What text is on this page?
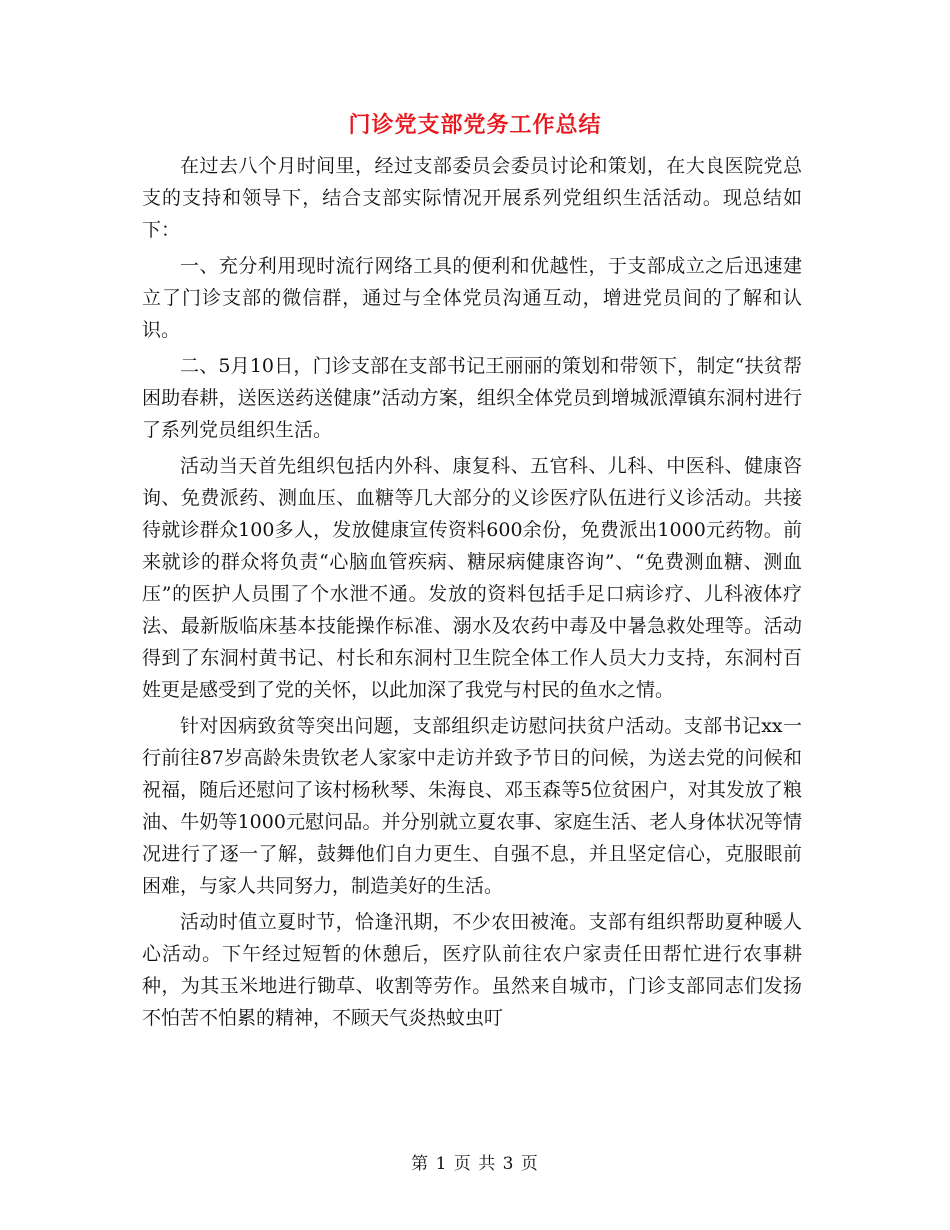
门诊党支部党务工作总结

在过去八个月时间里，经过支部委员会委员讨论和策划，在大良医院党总支的支持和领导下，结合支部实际情况开展系列党组织生活活动。现总结如下：

一、充分利用现时流行网络工具的便利和优越性，于支部成立之后迅速建立了门诊支部的微信群，通过与全体党员沟通互动，增进党员间的了解和认识。

二、5月10日，门诊支部在支部书记王丽丽的策划和带领下，制定“扶贫帮困助春耕，送医送药送健康”活动方案，组织全体党员到增城派潭镇东洞村进行了系列党员组织生活。

活动当天首先组织包括内外科、康复科、五官科、儿科、中医科、健康咨询、免费派药、测血压、血糖等几大部分的义诊医疗队伍进行义诊活动。共接待就诊群众100多人，发放健康宣传资料600余份，免费派出1000元药物。前来就诊的群众将负责“心脑血管疾病、糖尿病健康咨询”、“免费测血糖、测血压”的医护人员围了个水泄不通。发放的资料包括手足口病诊疗、儿科液体疗法、最新版临床基本技能操作标准、溺水及农药中毒及中暑急救处理等。活动得到了东洞村黄书记、村长和东洞村卫生院全体工作人员大力支持，东洞村百姓更是感受到了党的关怀，以此加深了我党与村民的鱼水之情。

针对因病致贫等突出问题，支部组织走访慰问扶贫户活动。支部书记xx一行前往87岁高龄朱贵钦老人家家中走访并致予节日的问候，为送去党的问候和祝福，随后还慰问了该村杨秋琴、朱海良、邓玉森等5位贫困户，对其发放了粮油、牛奶等1000元慰问品。并分别就立夏农事、家庭生活、老人身体状况等情况进行了逐一了解，鼓舞他们自力更生、自强不息，并且坚定信心，克服眼前困难，与家人共同努力，制造美好的生活。

活动时值立夏时节，恰逢汛期，不少农田被淹。支部有组织帮助夏种暖人心活动。下午经过短暂的休憩后，医疗队前往农户家责任田帮忙进行农事耕种，为其玉米地进行锄草、收割等劳作。虽然来自城市，门诊支部同志们发扬不怕苦不怕累的精神，不顾天气炎热蚊虫叮

第 1 页 共 3 页
